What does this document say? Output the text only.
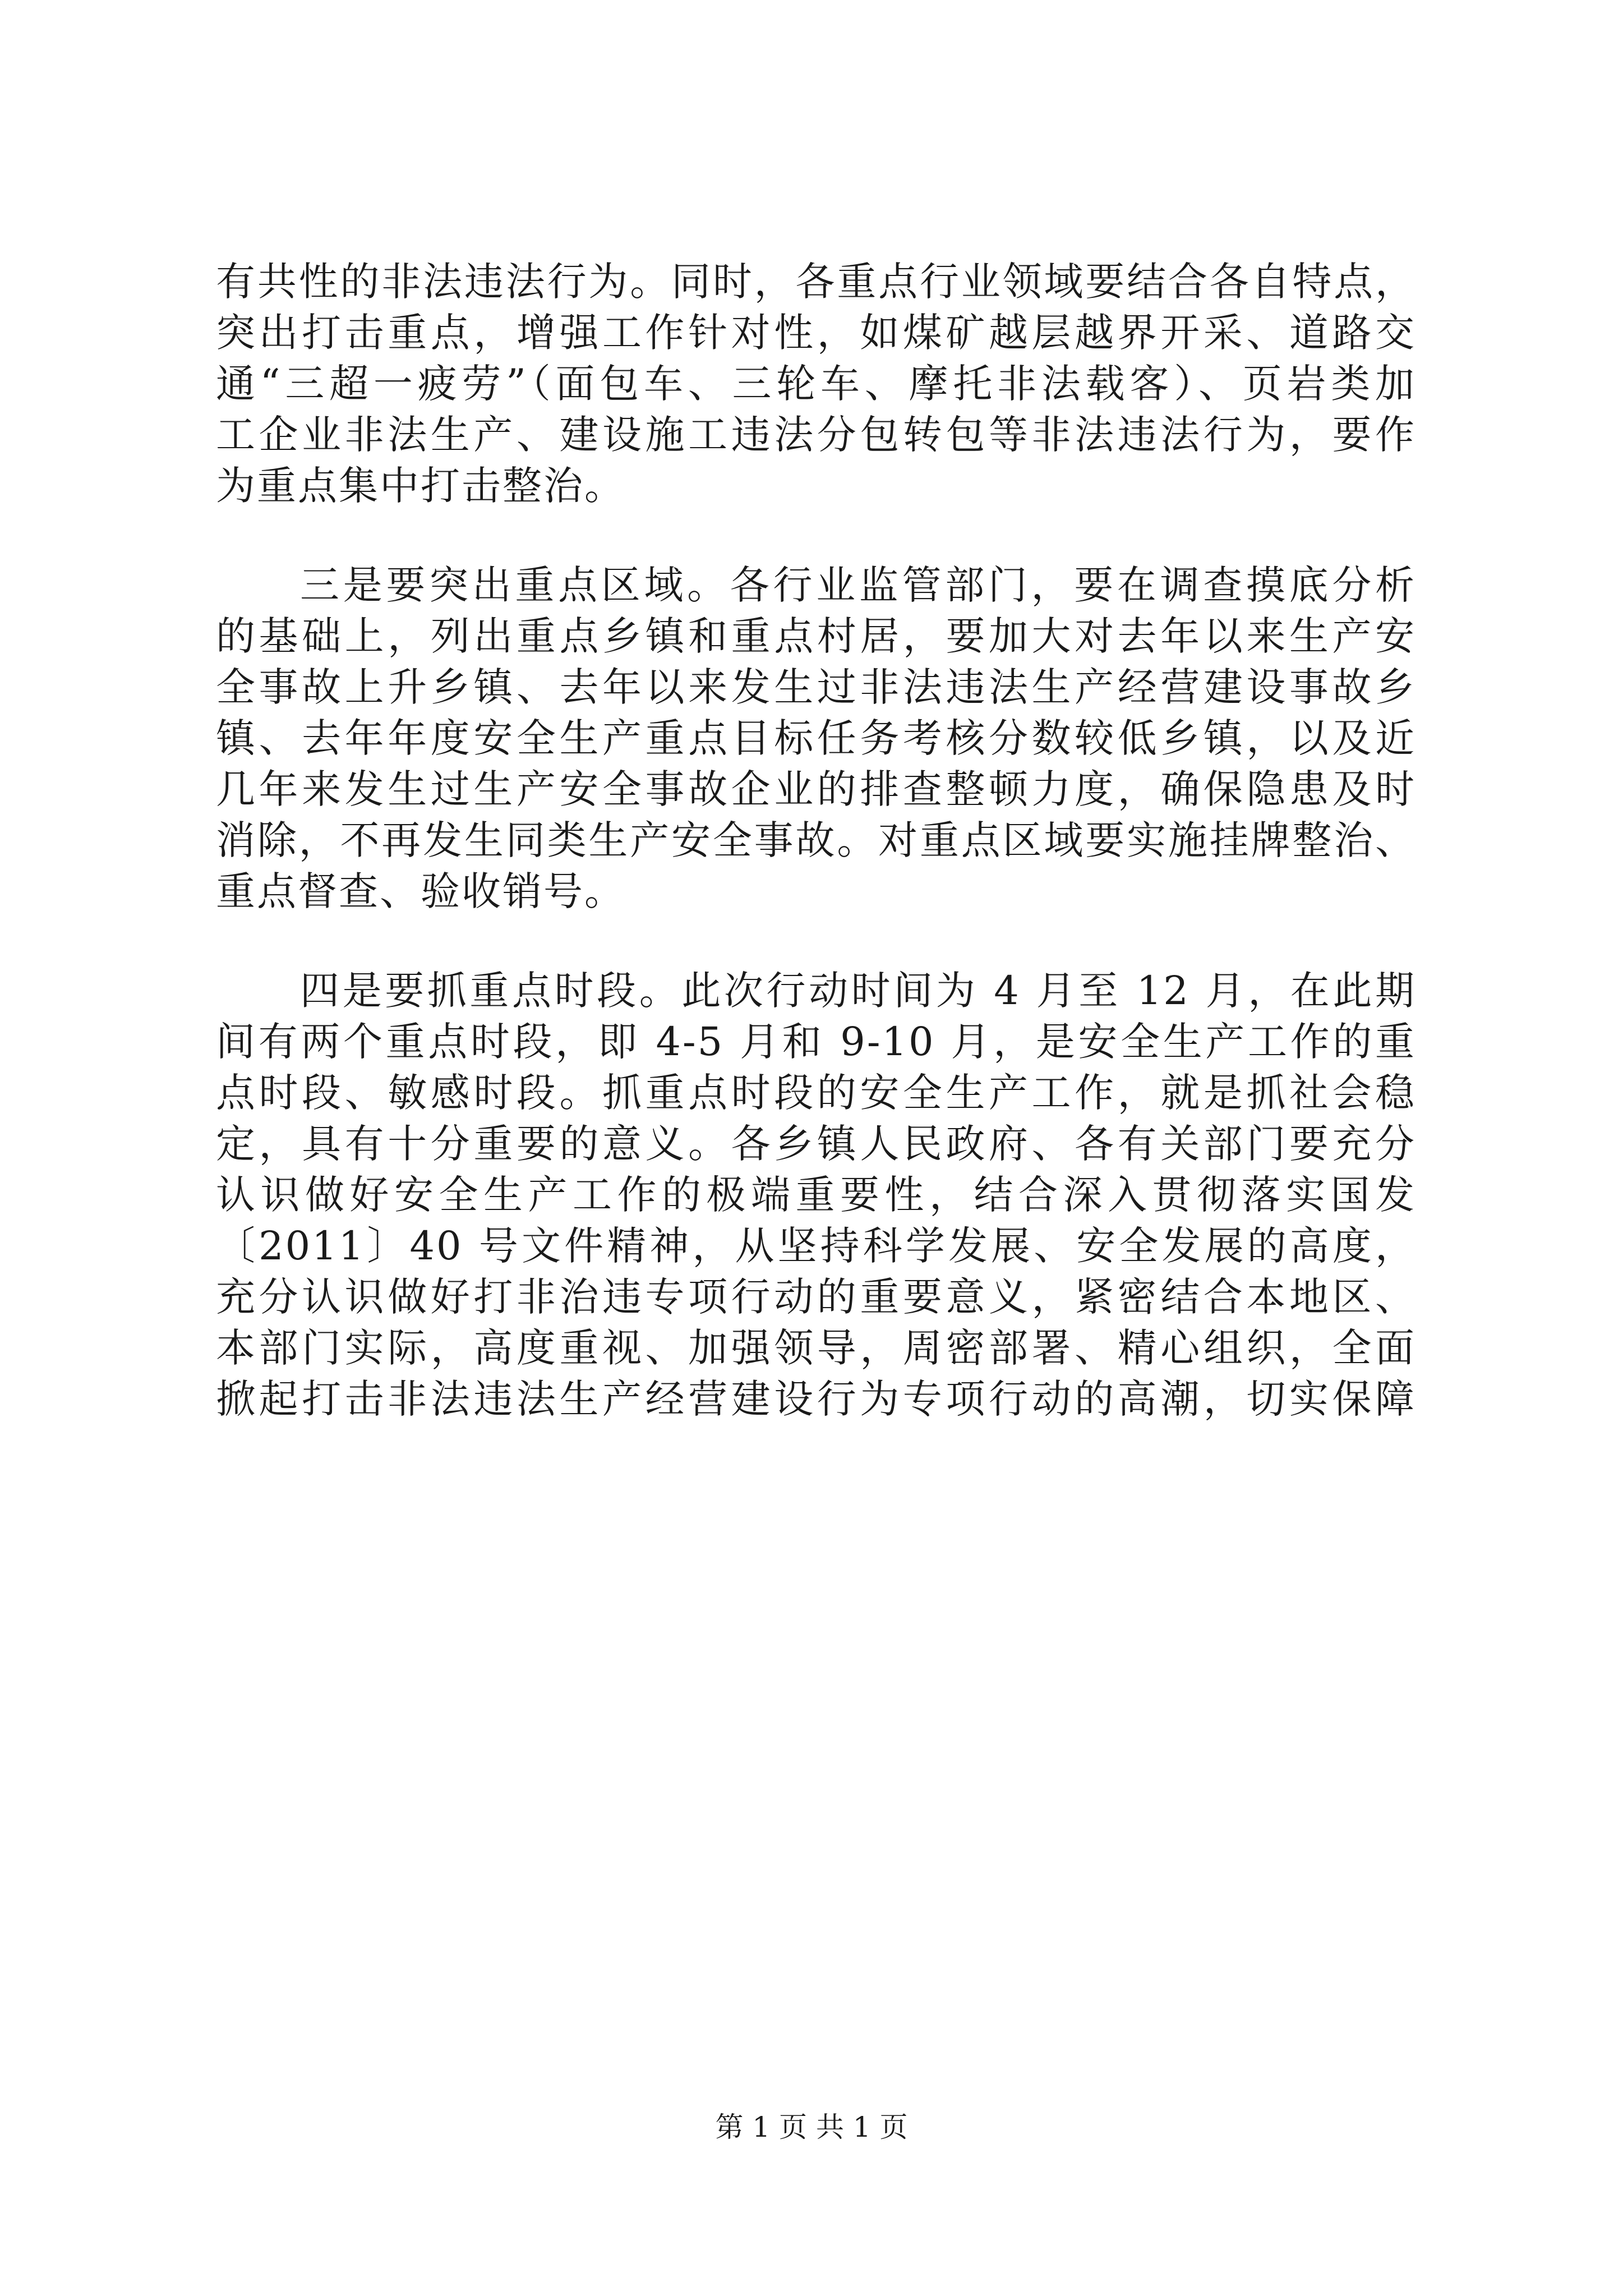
有共性的非法违法行为。同时，各重点行业领域要结合各自特点，

突出打击重点，增强工作针对性，如煤矿越层越界开采、道路交

通“三超一疲劳”（面包车、三轮车、摩托非法载客）、页岩类加

工企业非法生产、建设施工违法分包转包等非法违法行为，要作

为重点集中打击整治。

三是要突出重点区域。各行业监管部门，要在调查摸底分析

的基础上，列出重点乡镇和重点村居，要加大对去年以来生产安

全事故上升乡镇、去年以来发生过非法违法生产经营建设事故乡

镇、去年年度安全生产重点目标任务考核分数较低乡镇，以及近

几年来发生过生产安全事故企业的排查整顿力度，确保隐患及时

消除，不再发生同类生产安全事故。对重点区域要实施挂牌整治、

重点督查、验收销号。

四是要抓重点时段。此次行动时间为 4 月至 12 月，在此期

间有两个重点时段，即 4-5 月和 9-10 月，是安全生产工作的重

点时段、敏感时段。抓重点时段的安全生产工作，就是抓社会稳

定，具有十分重要的意义。各乡镇人民政府、各有关部门要充分

认识做好安全生产工作的极端重要性，结合深入贯彻落实国发

〔2011〕40 号文件精神，从坚持科学发展、安全发展的高度，

充分认识做好打非治违专项行动的重要意义，紧密结合本地区、

本部门实际，高度重视、加强领导，周密部署、精心组织，全面

掀起打击非法违法生产经营建设行为专项行动的高潮，切实保障

第 1 页 共 1 页
